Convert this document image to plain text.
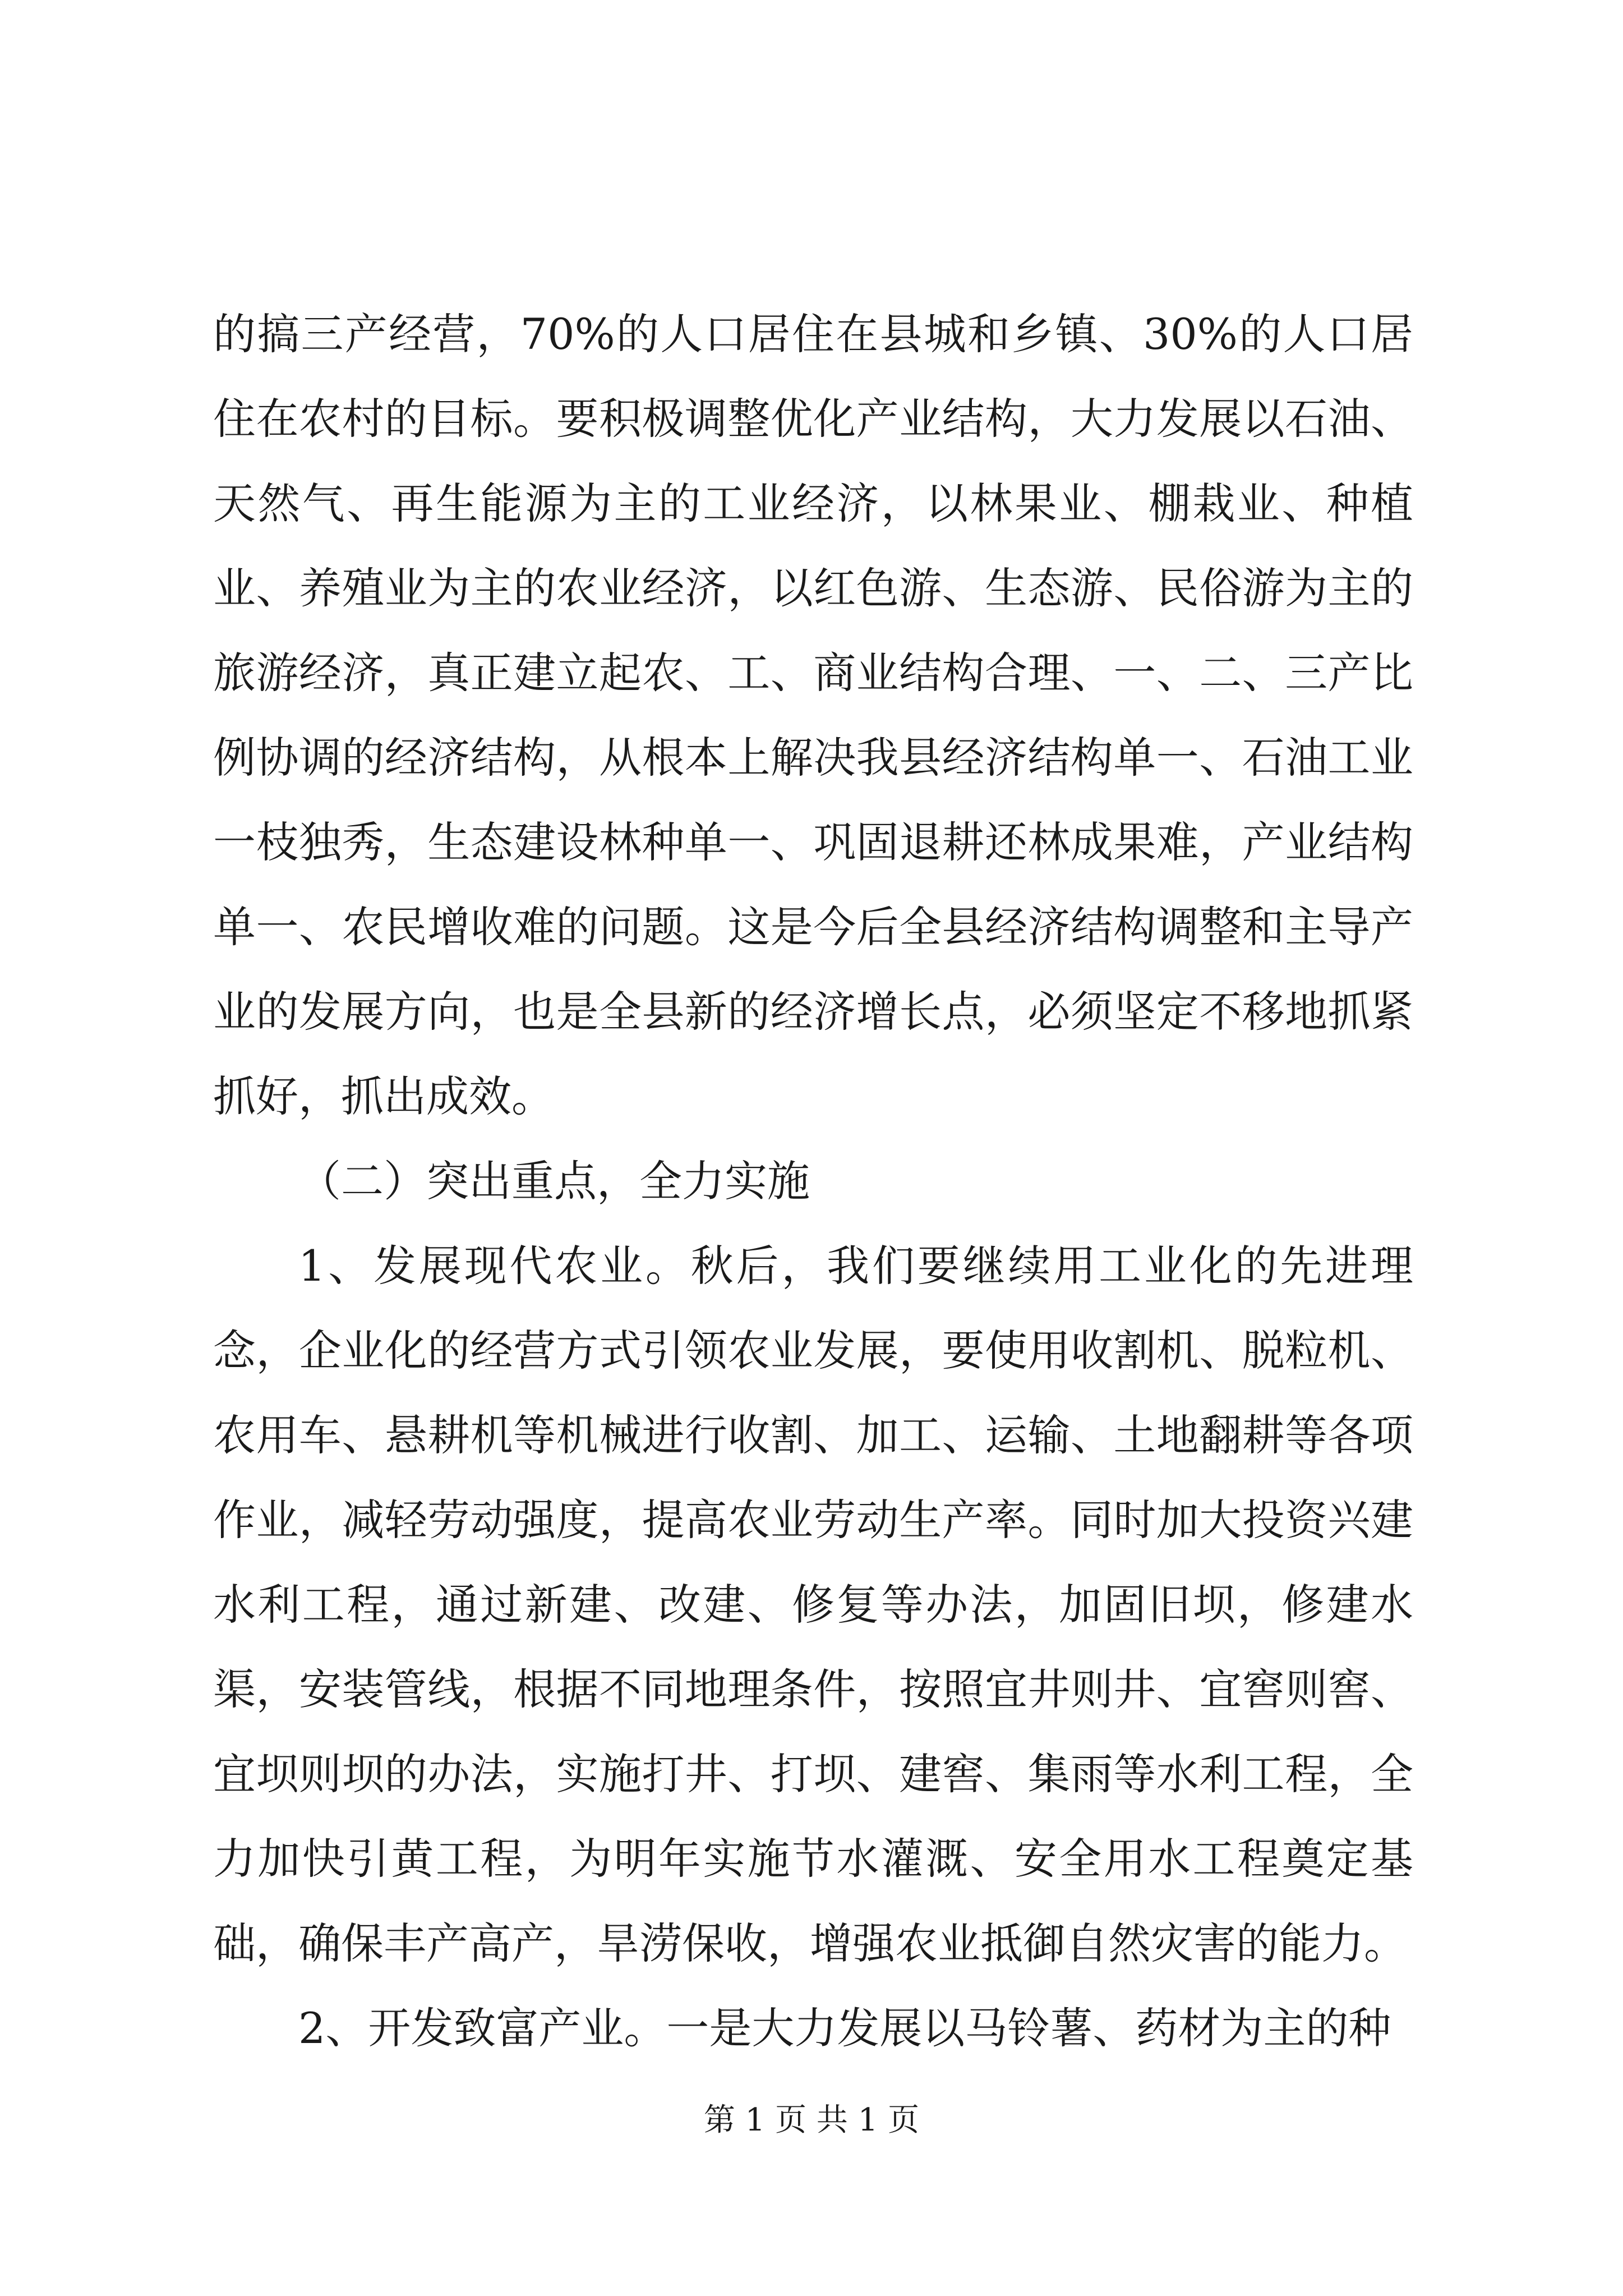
的搞三产经营，70%的人口居住在县城和乡镇、30%的人口居住在农村的目标。要积极调整优化产业结构，大力发展以石油、天然气、再生能源为主的工业经济，以林果业、棚栽业、种植业、养殖业为主的农业经济，以红色游、生态游、民俗游为主的旅游经济，真正建立起农、工、商业结构合理、一、二、三产比例协调的经济结构，从根本上解决我县经济结构单一、石油工业一枝独秀，生态建设林种单一、巩固退耕还林成果难，产业结构单一、农民增收难的问题。这是今后全县经济结构调整和主导产业的发展方向，也是全县新的经济增长点，必须坚定不移地抓紧抓好，抓出成效。

（二）突出重点，全力实施

1、发展现代农业。秋后，我们要继续用工业化的先进理念，企业化的经营方式引领农业发展，要使用收割机、脱粒机、农用车、悬耕机等机械进行收割、加工、运输、土地翻耕等各项作业，减轻劳动强度，提高农业劳动生产率。同时加大投资兴建水利工程，通过新建、改建、修复等办法，加固旧坝，修建水渠，安装管线，根据不同地理条件，按照宜井则井、宜窖则窖、宜坝则坝的办法，实施打井、打坝、建窖、集雨等水利工程，全力加快引黄工程，为明年实施节水灌溉、安全用水工程奠定基础，确保丰产高产，旱涝保收，增强农业抵御自然灾害的能力。

2、开发致富产业。一是大力发展以马铃薯、药材为主的种

第 1 页 共 1 页
